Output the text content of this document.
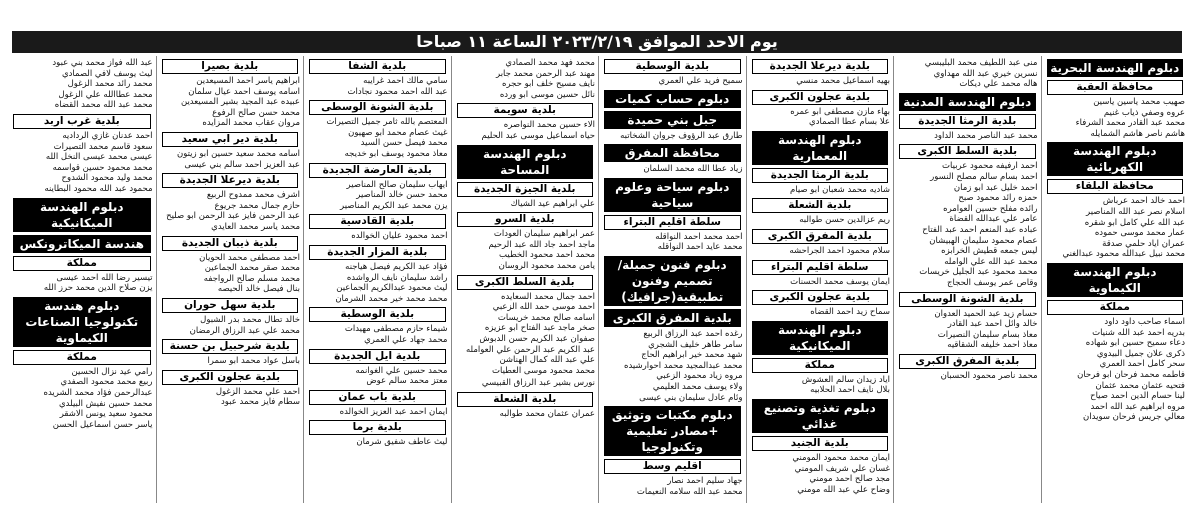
يوم الاحد الموافق ٢٠٢٣/٢/١٩ الساعة ١١ صباحا
دبلوم الهندسة البحرية
محافظة العقبة
صهيب محمد ياسين ياسين
عروه وصفي ذياب غنيم
محمد عبد القادر محمد الشرفاء
هاشم ناصر هاشم الشمايله
دبلوم الهندسة الكهربائية
محافظة البلقاء
احمد خالد احمد عرباش
اسلام نصر عبد الله المناصير
عبد الله علي كامل ابو شقره
عمار محمد موسى حموده
عمران اياد حلمي صدقة
محمد نبيل عبدالله محمود عبدالغني
دبلوم الهندسة الكيماوية
مملكة
اسماء صاحب داود داود
بدريه احمد عبد الله شنيات
دعاء سميح حسين ابو شهاده
ذكرى علان جميل البيدوي
سحر كامل احمد العمري
فاطمه محمد فرحان ابو فرحان
فتحيه عثمان محمد عثمان
لينا حسام الدين احمد صياح
مروه ابراهيم عبد الله احمد
معالي جريس فرحان سويدان
منى عبد اللطيف محمد البليبسي
نسرين خيري عبد الله مهداوي
هاله محمد علي ديكات
دبلوم الهندسة المدنية
بلدية الرمثا الجديدة
محمد عبد الناصر محمد الداود
بلدية السلط الكبرى
احمد ارفيفه محمود عربيات
احمد بسام سالم مصلح النسور
احمد خليل عبد ابو زمان
حمزه رائد محمود صبح
رائده مفلح حسين العوامره
عامر علي عبدالله القضاة
عباده عبد المنعم احمد عبد الفتاح
عصام محمود سليمان الهبيشان
ليس جمعه قطيش الخرابزه
محمد عبد الله علي الوامله
محمد محمود عبد الجليل خريسات
وقاص عمر يوسف الحجاج
بلدية الشونة الوسطى
حسام زيد عبد الحميد العدوان
خالد وائل احمد عبد القادر
معاذ بسام سليمان النصيرات
معاذ احمد خليفه الشقاقيه
بلدية المفرق الكبرى
محمد ناصر محمود الحسبان
بلدية ديرعلا الجديدة
بهيه اسماعيل محمد منسي
بلدية عجلون الكبرى
بهاء مازن مصطفى ابو عمره
علا بسام عطا الصمادي
دبلوم الهندسة المعمارية
بلدية الرمثا الجديدة
شاديه محمد شعبان ابو صيام
بلدية الشعلة
ريم عزالدين حسن طوالبه
بلدية المفرق الكبرى
سلام محمود احمد الجراحشه
سلطة اقليم البتراء
ايمان يوسف محمد الحسنات
بلدية عجلون الكبرى
سماح زيد احمد القضاه
دبلوم الهندسة الميكانيكية
مملكة
اياد زيدان سالم العشوش
بلال نايف احمد الحلابيه
دبلوم تغذية وتصنيع غذائي
بلدية الجنيد
ايمان محمد محمود المومني
غسان علي شريف المومني
مجد صالح احمد مومني
وضاح علي عبد الله مومني
بلدية الوسطية
سميح فريد علي العمري
دبلوم حساب كميات
جبل بني حميدة
طارق عبد الرؤوف جروان الشخاتبه
محافظة المفرق
زياد عطا الله محمد السلمان
دبلوم سياحة وعلوم سياحية
سلطة اقليم البتراء
احمد محمد احمد النواقله
محمد عايد احمد النواقله
دبلوم فنون جميلة/تصميم وفنون تطبيقية(جرافيك)
بلدية المفرق الكبرى
رغده احمد عبد الرزاق الربيع
سامر طاهر خليف الشجري
شهد محمد خير ابراهيم الحاج
محمد عبدالمجيد محمد احوارشيده
مروه زياد محمود الزعبي
ولاء يوسف محمد العليمي
وئام عادل سليمان بني عيسى
دبلوم مكتبات وتوثيق +مصادر تعليمية وتكنولوجيا
اقليم وسط
جهاد سليم احمد نصار
محمد عبد الله سلامه النعيمات
محمد فهد محمد الصمادي
مهند عبد الرحمن محمد جابر
نايف مسيح خلف ابو حجره
نائل حسين موسى ابو ورده
بلدية سويمة
الاء حسين محمد النواصره
حياه اسماعيل موسى عبد الحليم
دبلوم الهندسة المساحة
بلدية الجيزة الجديدة
علي ابراهيم عيد الشياك
بلدية السرو
عمر ابراهيم سليمان العودات
ماجد احمد جاد الله عبد الرحيم
محمد احمد محمود الخطيب
يامن محمد محمود الروسان
بلدية السلط الكبرى
احمد جمال محمد السعايده
احمد موسى حمد الله الزعبي
اسامه صالح محمد خريسات
صخر ماجد عبد الفتاح ابو عزيزه
صفوان عبد الكريم حسن الدبوش
عبد الكريم عبد الرحمن علي العوامله
علي عبد الله كمال الهناشن
محمد محمود موسى العطيات
نورس بشير عبد الرزاق القبيسي
بلدية الشعلة
عمران عثمان محمد طوالبه
بلدية الشفا
سامي مالك احمد غرايبه
عبد الله احمد محمود نجادات
بلدية الشونة الوسطى
المعتصم بالله ثامر جميل التصيرات
غيث عصام محمد ابو صهيون
محمد فيصل حسن السيد
معاذ محمود يوسف ابو خديجه
بلدية العارضة الجديدة
ايهاب سليمان صالح المناصير
محمد حسن خالد المناصير
يزن محمد عبد الكريم المناصير
بلدية القادسية
احمد محمود عليان الخوالده
بلدية المزار الجديدة
فؤاد عبد الكريم فيصل هياجنه
راشد سليمان نايف الرواشده
ليث محمود عبدالكريم الجماعين
محمد محمد خير محمد الشرمان
بلدية الوسطية
شيماء حازم مصطفى مهيدات
محمد جهاد علي العمري
بلدية ايل الجديدة
محمد حسين علي الغوانمه
معتز محمد سالم عوض
بلدية باب عمان
ايمان احمد عبد العزيز الخوالده
بلدية برما
ليث عاطف شفيق شرمان
بلدية بصيرا
ابراهيم ياسر احمد المسيعدين
اسامه يوسف احمد عيال سلمان
عبيده عبد المجيد بشير المسيعدين
محمد حسن صالح الرفوع
مروان عقاب محمد المزايده
بلدية دير ابي سعيد
اسامه محمد سعيد حسين ابو زيتون
عبد العزيز احمد سالم بني عيسى
بلدية ديرعلا الجديدة
اشرف محمد ممدوح الربيع
حازم جمال محمد جريوع
عبد الرحمن فايز عبد الرحمن ابو صليح
محمد ياسر محمد العايدي
بلدية ذيبان الجديدة
احمد مصطفى محمد الحويان
محمد صقر محمد الجماعين
محمد مسلم صالح الرواجفه
بنال فيصل خالد الحيصه
بلدية سهل حوران
خالد تطال محمد بدر الشبول
محمد علي عبد الرزاق الرمضان
بلدية شرحبيل بن حسنة
باسل عواد محمد ابو سمرا
بلدية عجلون الكبرى
احمد علي محمد الزغول
سطام فايز محمد عبود
عبد الله فواز محمد بني عبود
ليث يوسف لافي الصمادي
محمد رائد محمد الزغول
محمد عطاالله علي الزغول
محمد عبد الله محمد القضاه
بلدية غرب اربد
احمد عدنان غازي الرداديه
سعود قاسم محمد التصيرات
عيسى محمد عيسى النخل الله
محمد محمود حسين قواسمه
محمد وليد محمود الشدوح
محمود عبد الله محمود البطاينه
دبلوم الهندسة الميكانيكية
هندسة الميكاترونكس
مملكة
تيسير رضا الله احمد عيسى
يزن صلاح الدين محمد حرز الله
دبلوم هندسة تكنولوجيا الصناعات الكيماوية
مملكة
رامي عيد نزال الحسين
ربيع محمد محمود الصفدي
عبدالرحمن فؤاد محمد الشريده
محمد حسين نفيش البيلدي
محمود سعيد يونس الاشقر
ياسر حسن اسماعيل الحسن
